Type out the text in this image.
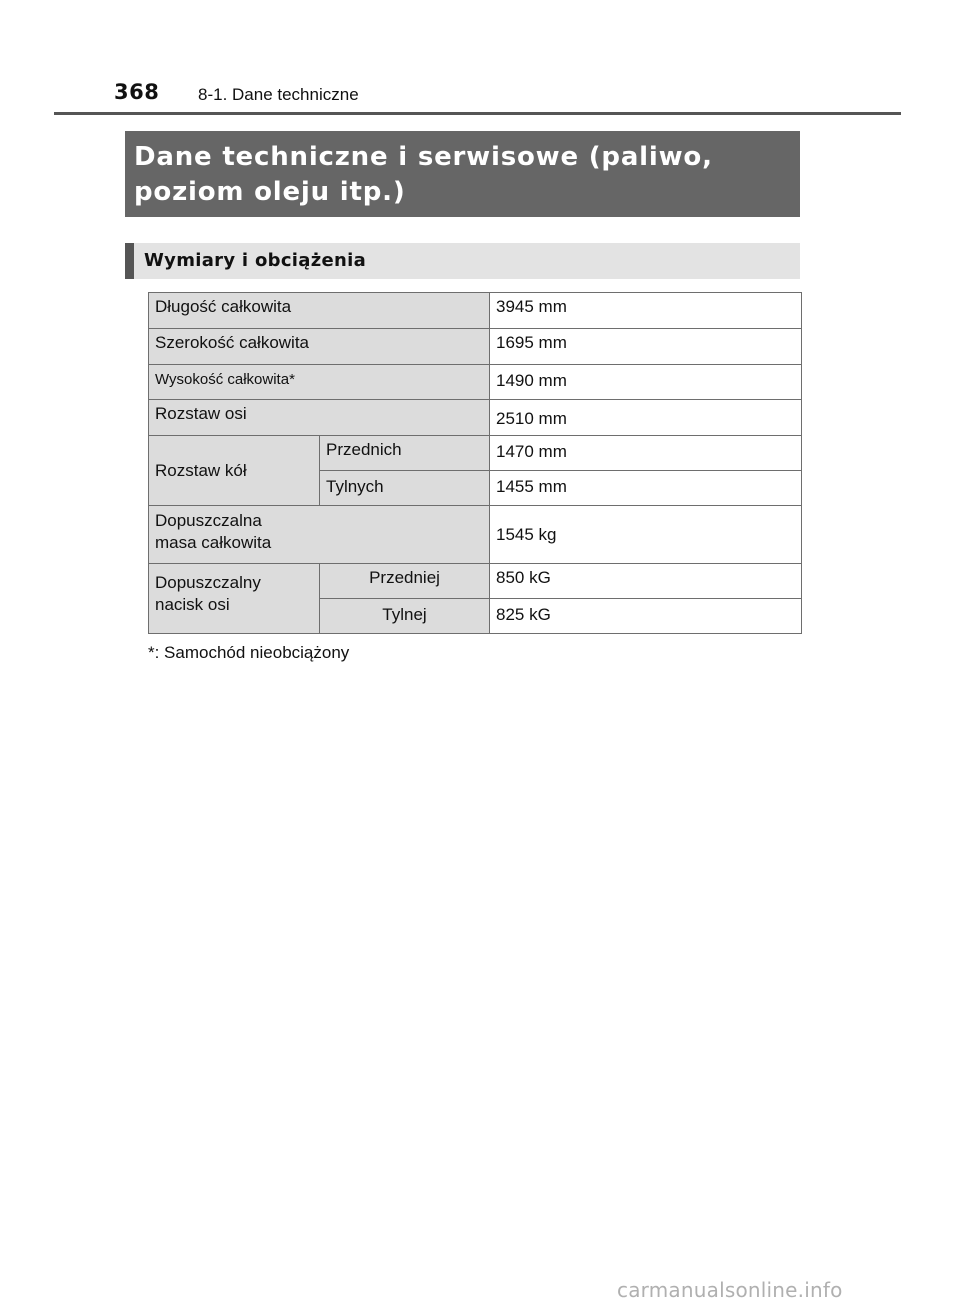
368 8-1. Dane techniczne

Dane techniczne i serwisowe (paliwo,

poziom oleju itp.)

Wymiary i obciążenia
Długość całkowita		3945 mm
Szerokość całkowita		1695 mm
Wysokość całkowita*		1490 mm
Rozstaw osi		2510 mm
Rozstaw kół	Przednich	1470 mm
	Tylnych	1455 mm
Dopuszczalna
masa całkowita		1545 kg
Dopuszczalny
nacisk osi	Przedniej	850 kG
	Tylnej	825 kG
*: Samochód nieobciążony
carmanualsonline.info
